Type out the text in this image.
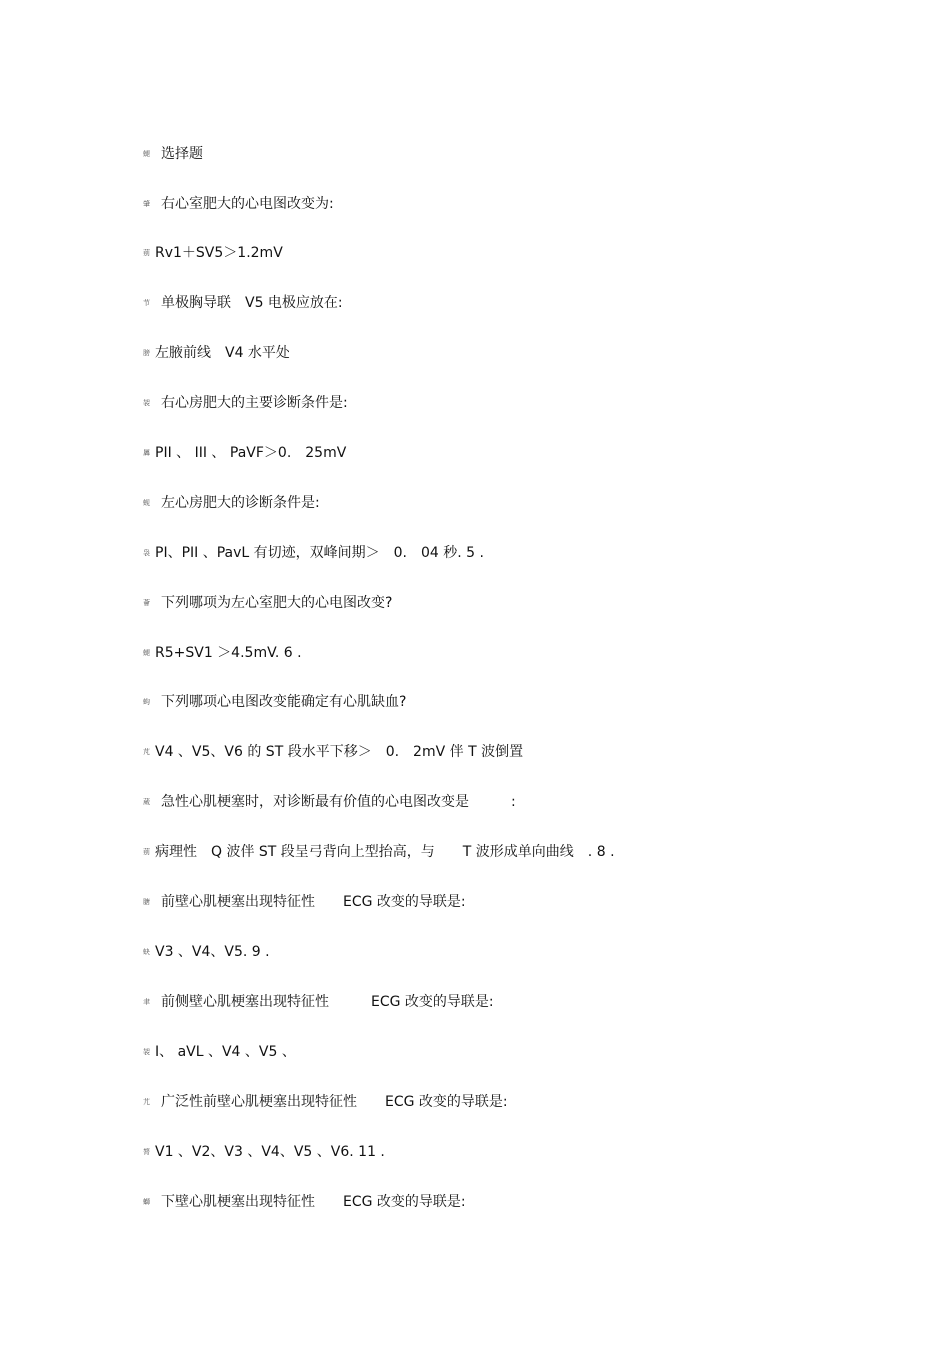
螁 选择题
肇 右心室肥大的心电图改变为:
莂 Rv1＋SV5＞1.2mV
节 单极胸导联　V5 电极应放在:
膀 左腋前线　V4 水平处
袈 右心房肥大的主要诊断条件是:
羼 PII 、 III 、 PaVF＞0.　25mV
蚬 左心房肥大的诊断条件是:
袅 PI、PII 、PavL 有切迹，双峰间期＞　0.　04 秒. 5 .
薈 下列哪项为左心室肥大的心电图改变?
螁 R5+SV1 ＞4.5mV. 6 .
蚼 下列哪项心电图改变能确定有心肌缺血?
芃 V4 、V5、V6 的 ST 段水平下移＞　0.　2mV 伴 T 波倒置
蒇 急性心肌梗塞时，对诊断最有价值的心电图改变是　　　:
莂 病理性　Q 波伴 ST 段呈弓背向上型抬高，与　　T 波形成单向曲线　. 8 .
膅 前壁心肌梗塞出现特征性　　ECG 改变的导联是:
蚗 V3 、V4、V5. 9 .
聿 前侧壁心肌梗塞出现特征性　　　ECG 改变的导联是:
袈 I、 aVL 、V4 、V5 、
芁 广泛性前壁心肌梗塞出现特征性　　ECG 改变的导联是:
膂 V1 、V2、V3 、V4、V5 、V6. 11 .
螄 下壁心肌梗塞出现特征性　　ECG 改变的导联是:
